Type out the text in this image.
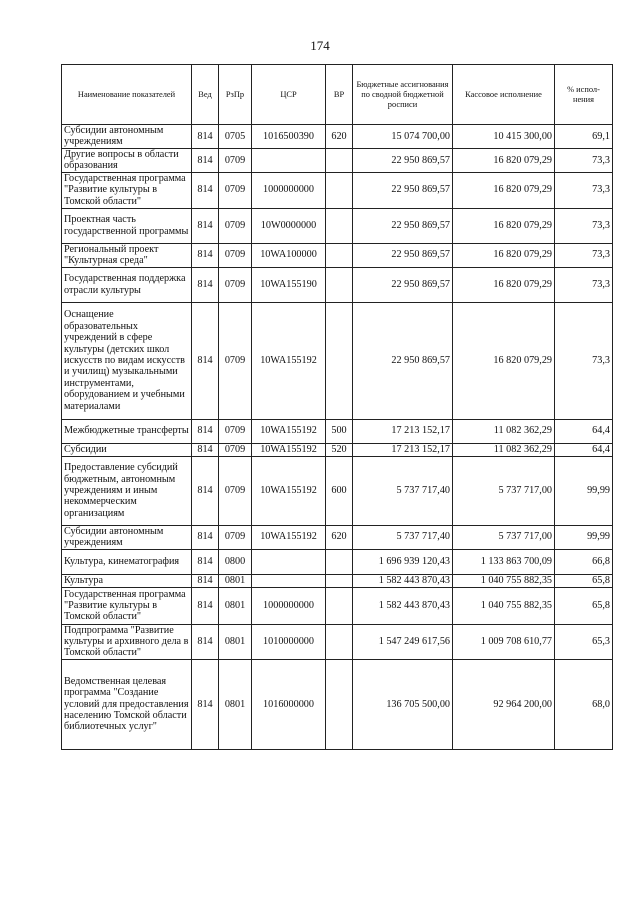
174
Наименование показателей	Вед	РзПр	ЦСР	ВР	Бюджетные ассигнования по сводной бюджетной росписи	Кассовое исполнение	% испол-нения
Субсидии автономным учреждениям	814	0705	1016500390	620	15 074 700,00	10 415 300,00	69,1
Другие вопросы в области образования	814	0709			22 950 869,57	16 820 079,29	73,3
Государственная программа "Развитие культуры в Томской области"	814	0709	1000000000		22 950 869,57	16 820 079,29	73,3
Проектная часть государственной программы	814	0709	10W0000000		22 950 869,57	16 820 079,29	73,3
Региональный проект "Культурная среда"	814	0709	10WA100000		22 950 869,57	16 820 079,29	73,3
Государственная поддержка отрасли культуры	814	0709	10WA155190		22 950 869,57	16 820 079,29	73,3
Оснащение образовательных учреждений в сфере культуры (детских школ искусств по видам искусств и училищ) музыкальными инструментами, оборудованием и учебными материалами	814	0709	10WA155192		22 950 869,57	16 820 079,29	73,3
Межбюджетные трансферты	814	0709	10WA155192	500	17 213 152,17	11 082 362,29	64,4
Субсидии	814	0709	10WA155192	520	17 213 152,17	11 082 362,29	64,4
Предоставление субсидий бюджетным, автономным учреждениям и иным некоммерческим организациям	814	0709	10WA155192	600	5 737 717,40	5 737 717,00	99,99
Субсидии автономным учреждениям	814	0709	10WA155192	620	5 737 717,40	5 737 717,00	99,99
Культура, кинематография	814	0800			1 696 939 120,43	1 133 863 700,09	66,8
Культура	814	0801			1 582 443 870,43	1 040 755 882,35	65,8
Государственная программа "Развитие культуры в Томской области"	814	0801	1000000000		1 582 443 870,43	1 040 755 882,35	65,8
Подпрограмма "Развитие культуры и архивного дела в Томской области"	814	0801	1010000000		1 547 249 617,56	1 009 708 610,77	65,3
Ведомственная целевая программа "Создание условий для предоставления населению Томской области библиотечных услуг"	814	0801	1016000000		136 705 500,00	92 964 200,00	68,0
